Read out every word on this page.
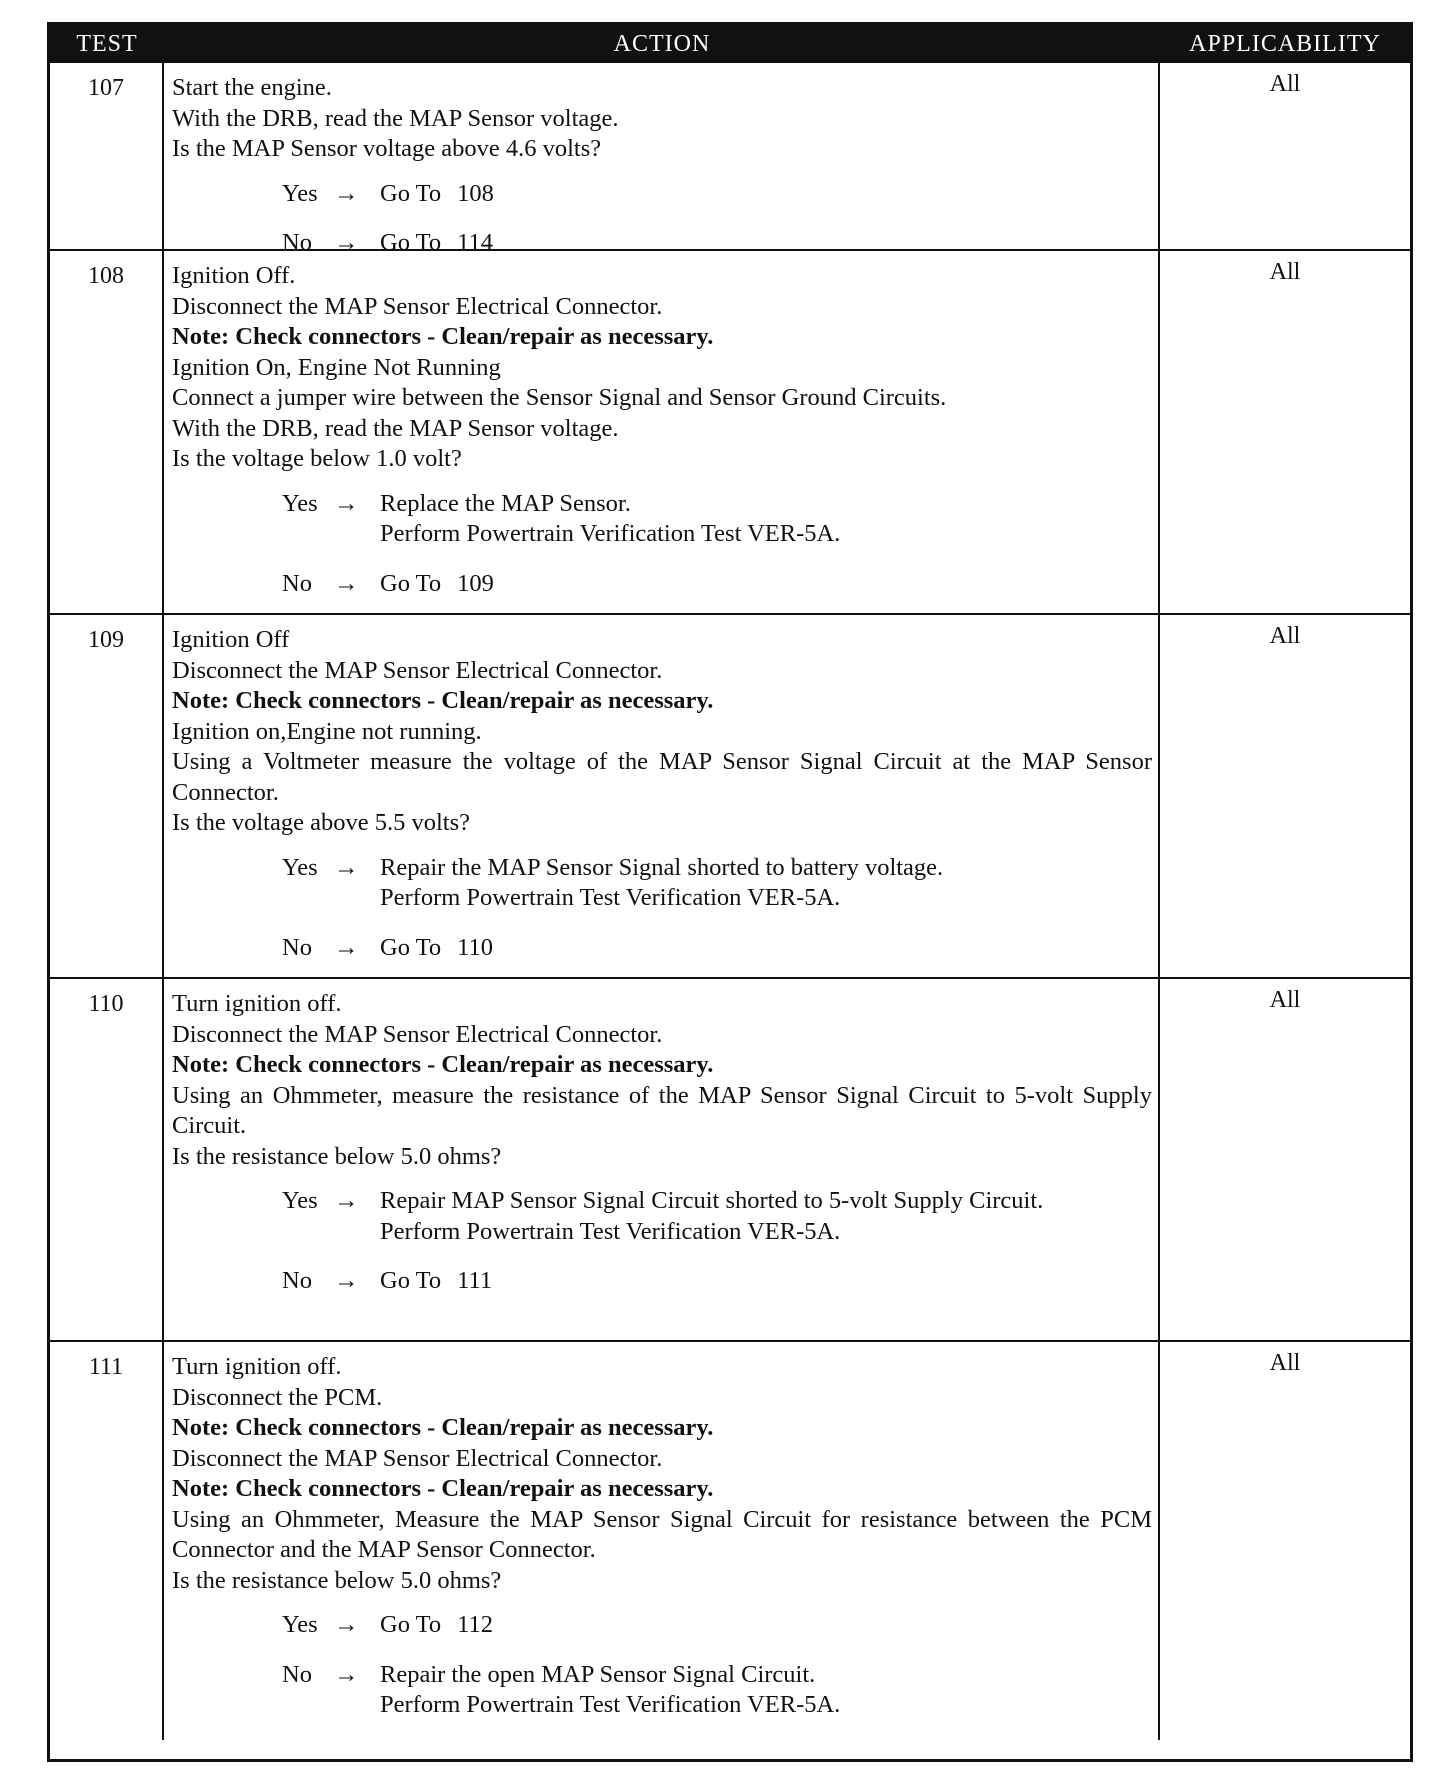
TEST	ACTION	APPLICABILITY
107	Start the engine.
With the DRB, read the MAP Sensor voltage.
Is the MAP Sensor voltage above 4.6 volts?
Yes → Go To 108
No → Go To 114
All
108	Ignition Off.
Disconnect the MAP Sensor Electrical Connector.
Note: Check connectors - Clean/repair as necessary.
Ignition On, Engine Not Running
Connect a jumper wire between the Sensor Signal and Sensor Ground Circuits.
With the DRB, read the MAP Sensor voltage.
Is the voltage below 1.0 volt?
Yes → Replace the MAP Sensor.
Perform Powertrain Verification Test VER-5A.
No → Go To 109
All
109	Ignition Off
Disconnect the MAP Sensor Electrical Connector.
Note: Check connectors - Clean/repair as necessary.
Ignition on,Engine not running.
Using a Voltmeter measure the voltage of the MAP Sensor Signal Circuit at the MAP Sensor Connector.
Is the voltage above 5.5 volts?
Yes → Repair the MAP Sensor Signal shorted to battery voltage.
Perform Powertrain Test Verification VER-5A.
No → Go To 110
All
110	Turn ignition off.
Disconnect the MAP Sensor Electrical Connector.
Note: Check connectors - Clean/repair as necessary.
Using an Ohmmeter, measure the resistance of the MAP Sensor Signal Circuit to 5-volt Supply Circuit.
Is the resistance below 5.0 ohms?
Yes → Repair MAP Sensor Signal Circuit shorted to 5-volt Supply Circuit.
Perform Powertrain Test Verification VER-5A.
No → Go To 111
All
111	Turn ignition off.
Disconnect the PCM.
Note: Check connectors - Clean/repair as necessary.
Disconnect the MAP Sensor Electrical Connector.
Note: Check connectors - Clean/repair as necessary.
Using an Ohmmeter, Measure the MAP Sensor Signal Circuit for resistance between the PCM Connector and the MAP Sensor Connector.
Is the resistance below 5.0 ohms?
Yes → Go To 112
No → Repair the open MAP Sensor Signal Circuit.
Perform Powertrain Test Verification VER-5A.
All
